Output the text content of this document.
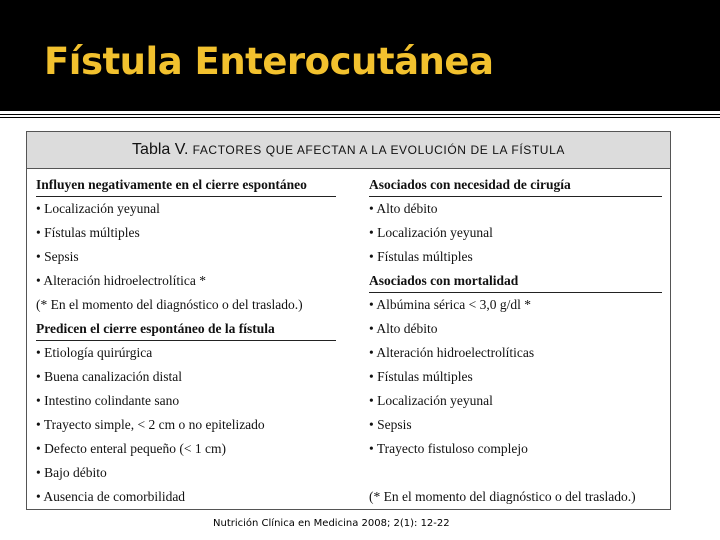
Fístula Enterocutánea
Tabla V. FACTORES QUE AFECTAN A LA EVOLUCIÓN DE LA FÍSTULA
Influyen negativamente en el cierre espontáneo
• Localización yeyunal
• Fístulas múltiples
• Sepsis
• Alteración hidroelectrolítica *
(* En el momento del diagnóstico o del traslado.)
Predicen el cierre espontáneo de la fístula
• Etiología quirúrgica
• Buena canalización distal
• Intestino colindante sano
• Trayecto simple, < 2 cm o no epitelizado
• Defecto enteral pequeño (< 1 cm)
• Bajo débito
• Ausencia de comorbilidad
Asociados con necesidad de cirugía
• Alto débito
• Localización yeyunal
• Fístulas múltiples
Asociados con mortalidad
• Albúmina sérica < 3,0 g/dl *
• Alto débito
• Alteración hidroelectrolíticas
• Fístulas múltiples
• Localización yeyunal
• Sepsis
• Trayecto fistuloso complejo
(* En el momento del diagnóstico o del traslado.)
Nutrición Clínica en Medicina 2008; 2(1): 12-22
